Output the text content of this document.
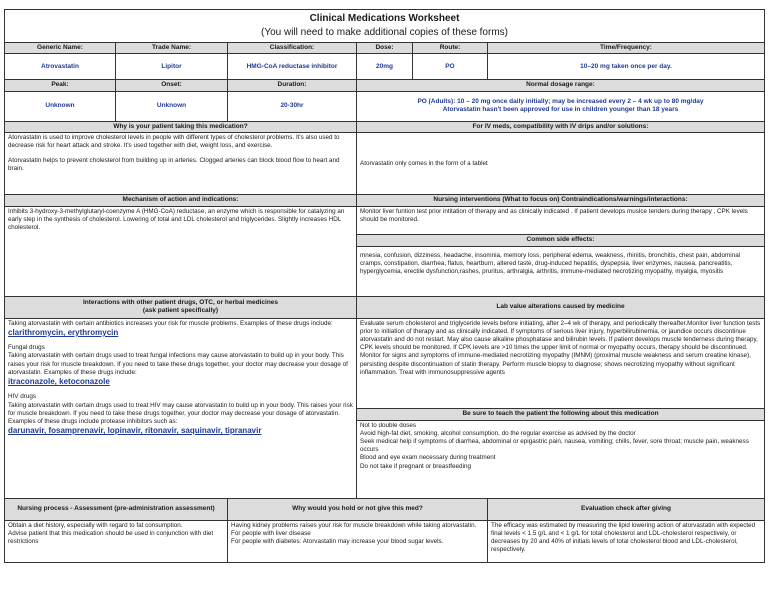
Clinical Medications Worksheet
(You will need to make additional copies of these forms)

Generic Name:	Trade Name:	Classification:	Dose:	Route:	Time/Frequency:
Atrovastatin	Lipitor	HMG-CoA reductase inhibitor	20mg	PO	10–20 mg taken once per day.
Peak:	Onset:	Duration:	Normal dosage range:
Unknown	Unknown	20-30hr	
PO (Adults): 10 – 20 mg once daily initially; may be increased every 2 – 4 wk up to 80 mg/day
Atorvastatin hasn't been approved for use in children younger than 18 years

Why is your patient taking this medication?	For IV meds, compatibility with IV drips and/or solutions:

Atorvastatin is used to improve cholesterol levels in people with different types of cholesterol problems. It's also used to decrease risk for heart attack and stroke. It's used together with diet, weight loss, and exercise.

Atorvastatin helps to prevent cholesterol from building up in arteries. Clogged arteries can block blood flow to heart and brain.

	Atorvastatin only comes in the form of a tablet
Mechanism of action and indications:	Nursing interventions (What to focus on) Contraindications/warnings/interactions:
Inhibits 3-hydroxy-3-methylglutaryl-coenzyme A (HMG-CoA) reductase, an enzyme which is responsible for catalyzing an early step in the synthesis of cholesterol. Lowering of total and LDL cholesterol and triglycerides. Slightly increases HDL cholesterol.	
Monitor liver funtion test prior intitation of therapy and as clinically indicated . If patient develops muslce tenders during therapy , CPK levels should be monitored.
Common side effects:
mnesia, confusion, dizziness, headache, insomnia, memory loss, peripheral edema, weakness, rhinitis, bronchitis, chest pain, abdominal cramps, constipation, diarrhea, flatus, heartburn, altered taste, drug-induced hepatitis, dyspepsia, liver enzymes, nausea, pancreatitis, hyperglycemia, erectile dysfunction,rashes, pruritus, arthralgia, arthritis, immune-mediated necrotizing myopathy, myalgia, myositis

Interactions with other patient drugs, OTC, or herbal medicines
(ask patient specifically)
	Lab value alterations caused by medicine

Taking atorvastatin with certain antibiotics increases your risk for muscle problems. Examples of these drugs include:

clarithromycin, erythromycin

Fungal drugs

Taking atorvastatin with certain drugs used to treat fungal infections may cause atorvastatin to build up in your body. This raises your risk for muscle breakdown. If you need to take these drugs together, your doctor may decrease your dosage of atorvastatin. Examples of these drugs include:

itraconazole, ketoconazole

HIV drugs

Taking atorvastatin with certain drugs used to treat HIV may cause atorvastatin to build up in your body. This raises your risk for muscle breakdown. If you need to take these drugs together, your doctor may decrease your dosage of atorvastatin. Examples of these drugs include protease inhibitors such as:

darunavir, fosamprenavir, lopinavir, ritonavir, saquinavir, tipranavir

Evaluate serum cholesterol and triglyceride levels before initiating, after 2–4 wk of therapy, and periodically thereafter.Monitor liver function tests prior to initiation of therapy and as clinically indicated. If symptoms of serious liver injury, hyperbilirubinemia, or jaundice occurs discontinue atorvastatin and do not restart. May also cause alkaline phosphatase and bilirubin levels. If patient develops muscle tenderness during therapy, CPK levels should be monitored. If CPK levels are >10 times the upper limit of normal or myopathy occurs, therapy should be discontinued. Monitor for signs and symptoms of immune-mediated necrotizing myopathy (IMNM) (proximal muscle weakness and serum creatine kinase), persisting despite discontinuation of statin therapy. Perform muscle biopsy to diagnose; shows necrotizing myopathy without significant inflammation. Treat with immunosuppressive agents
Be sure to teach the patient the following about this medication

Not to double doses
Avoid high-fat diet, smoking, alcohol consumption, do the regular exercise as advised by the doctor
Seek medical help if symptoms of diarrhea, abdominal or epigastric pain, nausea, vomiting; chills, fever, sore throat; muscle pain, weakness occurs
Blood and eye exam necessary during treatment
Do not take if pregnant or breastfeeding

Nursing process - Assessment (pre-administration assessment)	Why would you hold or not give this med?	Evaluation check after giving

Obtain a diet history, especially with regard to fat consumption.

Advise patient that this medication should be used in conjunction with diet restrictions

Having kidney problems raises your risk for muscle breakdown while taking atorvastatin.

For people with liver disease

For people with diabetes: Atorvastatin may increase your blood sugar levels.

	The efficacy was estimated by measuring the lipid lowering action of atorvastatin with expected final levels < 1.5 g/L and < 1 g/L for total cholesterol and LDL-cholesterol respectively, or decreases by 20 and 40% of initials levels of total cholesterol blood and LDL-cholesterol, respectively.
